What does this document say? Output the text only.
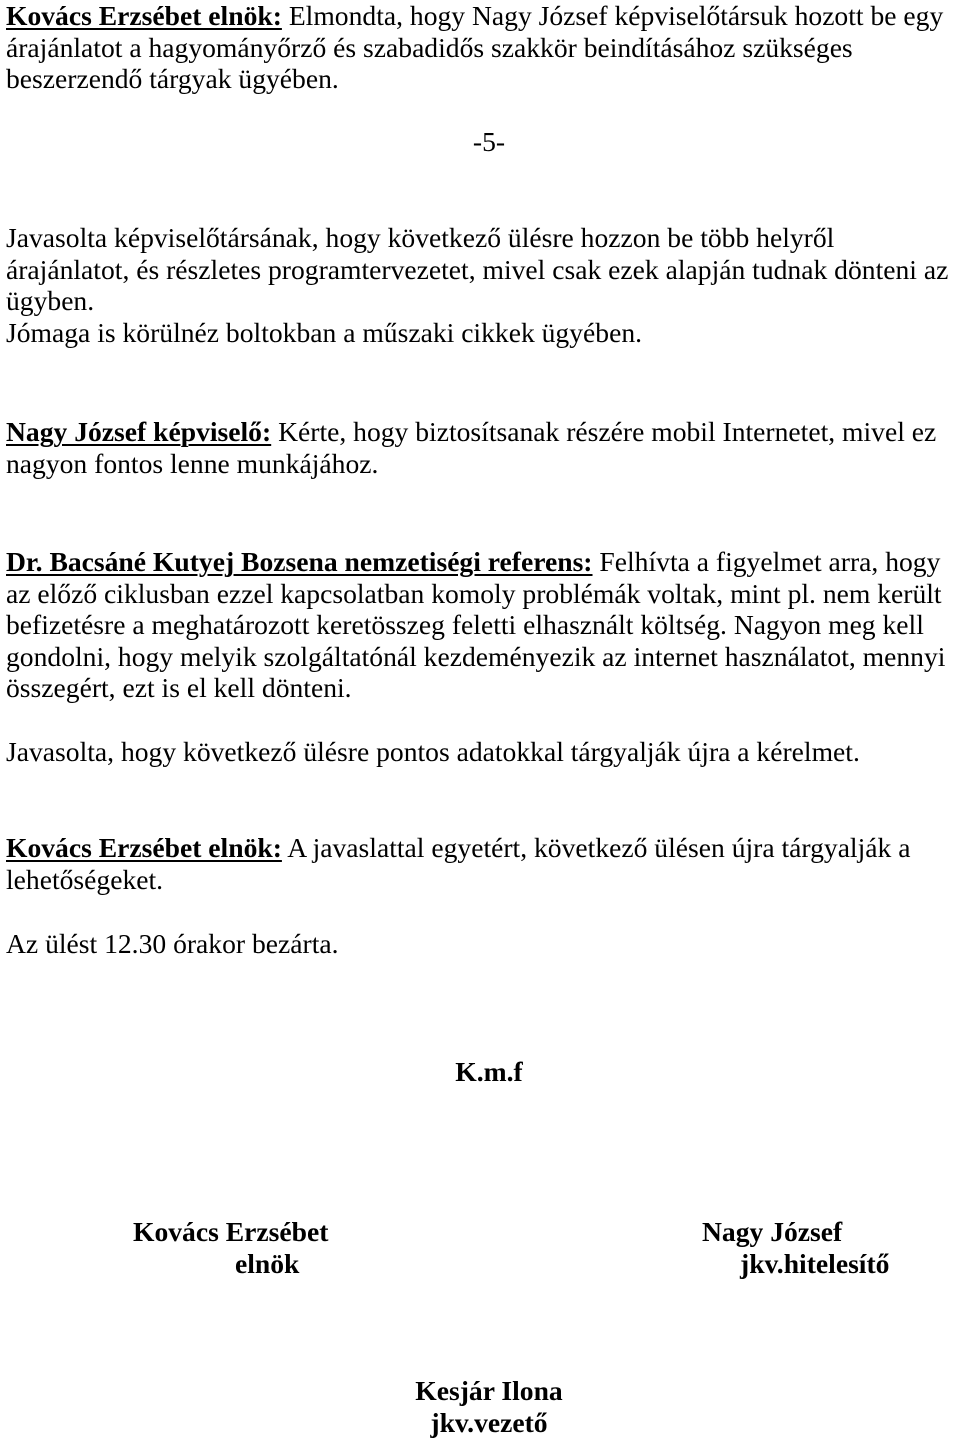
Kovács Erzsébet elnök: Elmondta, hogy Nagy József képviselőtársuk hozott be egy
árajánlatot a hagyományőrző és szabadidős szakkör beindításához szükséges
beszerzendő tárgyak ügyében.
-5-
Javasolta képviselőtársának, hogy következő ülésre hozzon be több helyről
árajánlatot, és részletes programtervezetet, mivel csak ezek alapján tudnak dönteni az
ügyben.
Jómaga is körülnéz boltokban a műszaki cikkek ügyében.
Nagy József képviselő: Kérte, hogy biztosítsanak részére mobil Internetet, mivel ez
nagyon fontos lenne munkájához.
Dr. Bacsáné Kutyej Bozsena nemzetiségi referens: Felhívta a figyelmet arra, hogy
az előző ciklusban ezzel kapcsolatban komoly problémák voltak, mint pl. nem került
befizetésre a meghatározott keretösszeg feletti elhasznált költség. Nagyon meg kell
gondolni, hogy melyik szolgáltatónál kezdeményezik az internet használatot, mennyi
összegért, ezt is el kell dönteni.
Javasolta, hogy következő ülésre pontos adatokkal tárgyalják újra a kérelmet.
Kovács Erzsébet elnök: A javaslattal egyetért, következő ülésen újra tárgyalják a
lehetőségeket.
Az ülést 12.30 órakor bezárta.
K.m.f
Kovács Erzsébet
elnök
Nagy József
jkv.hitelesítő
Kesjár Ilona
jkv.vezető
